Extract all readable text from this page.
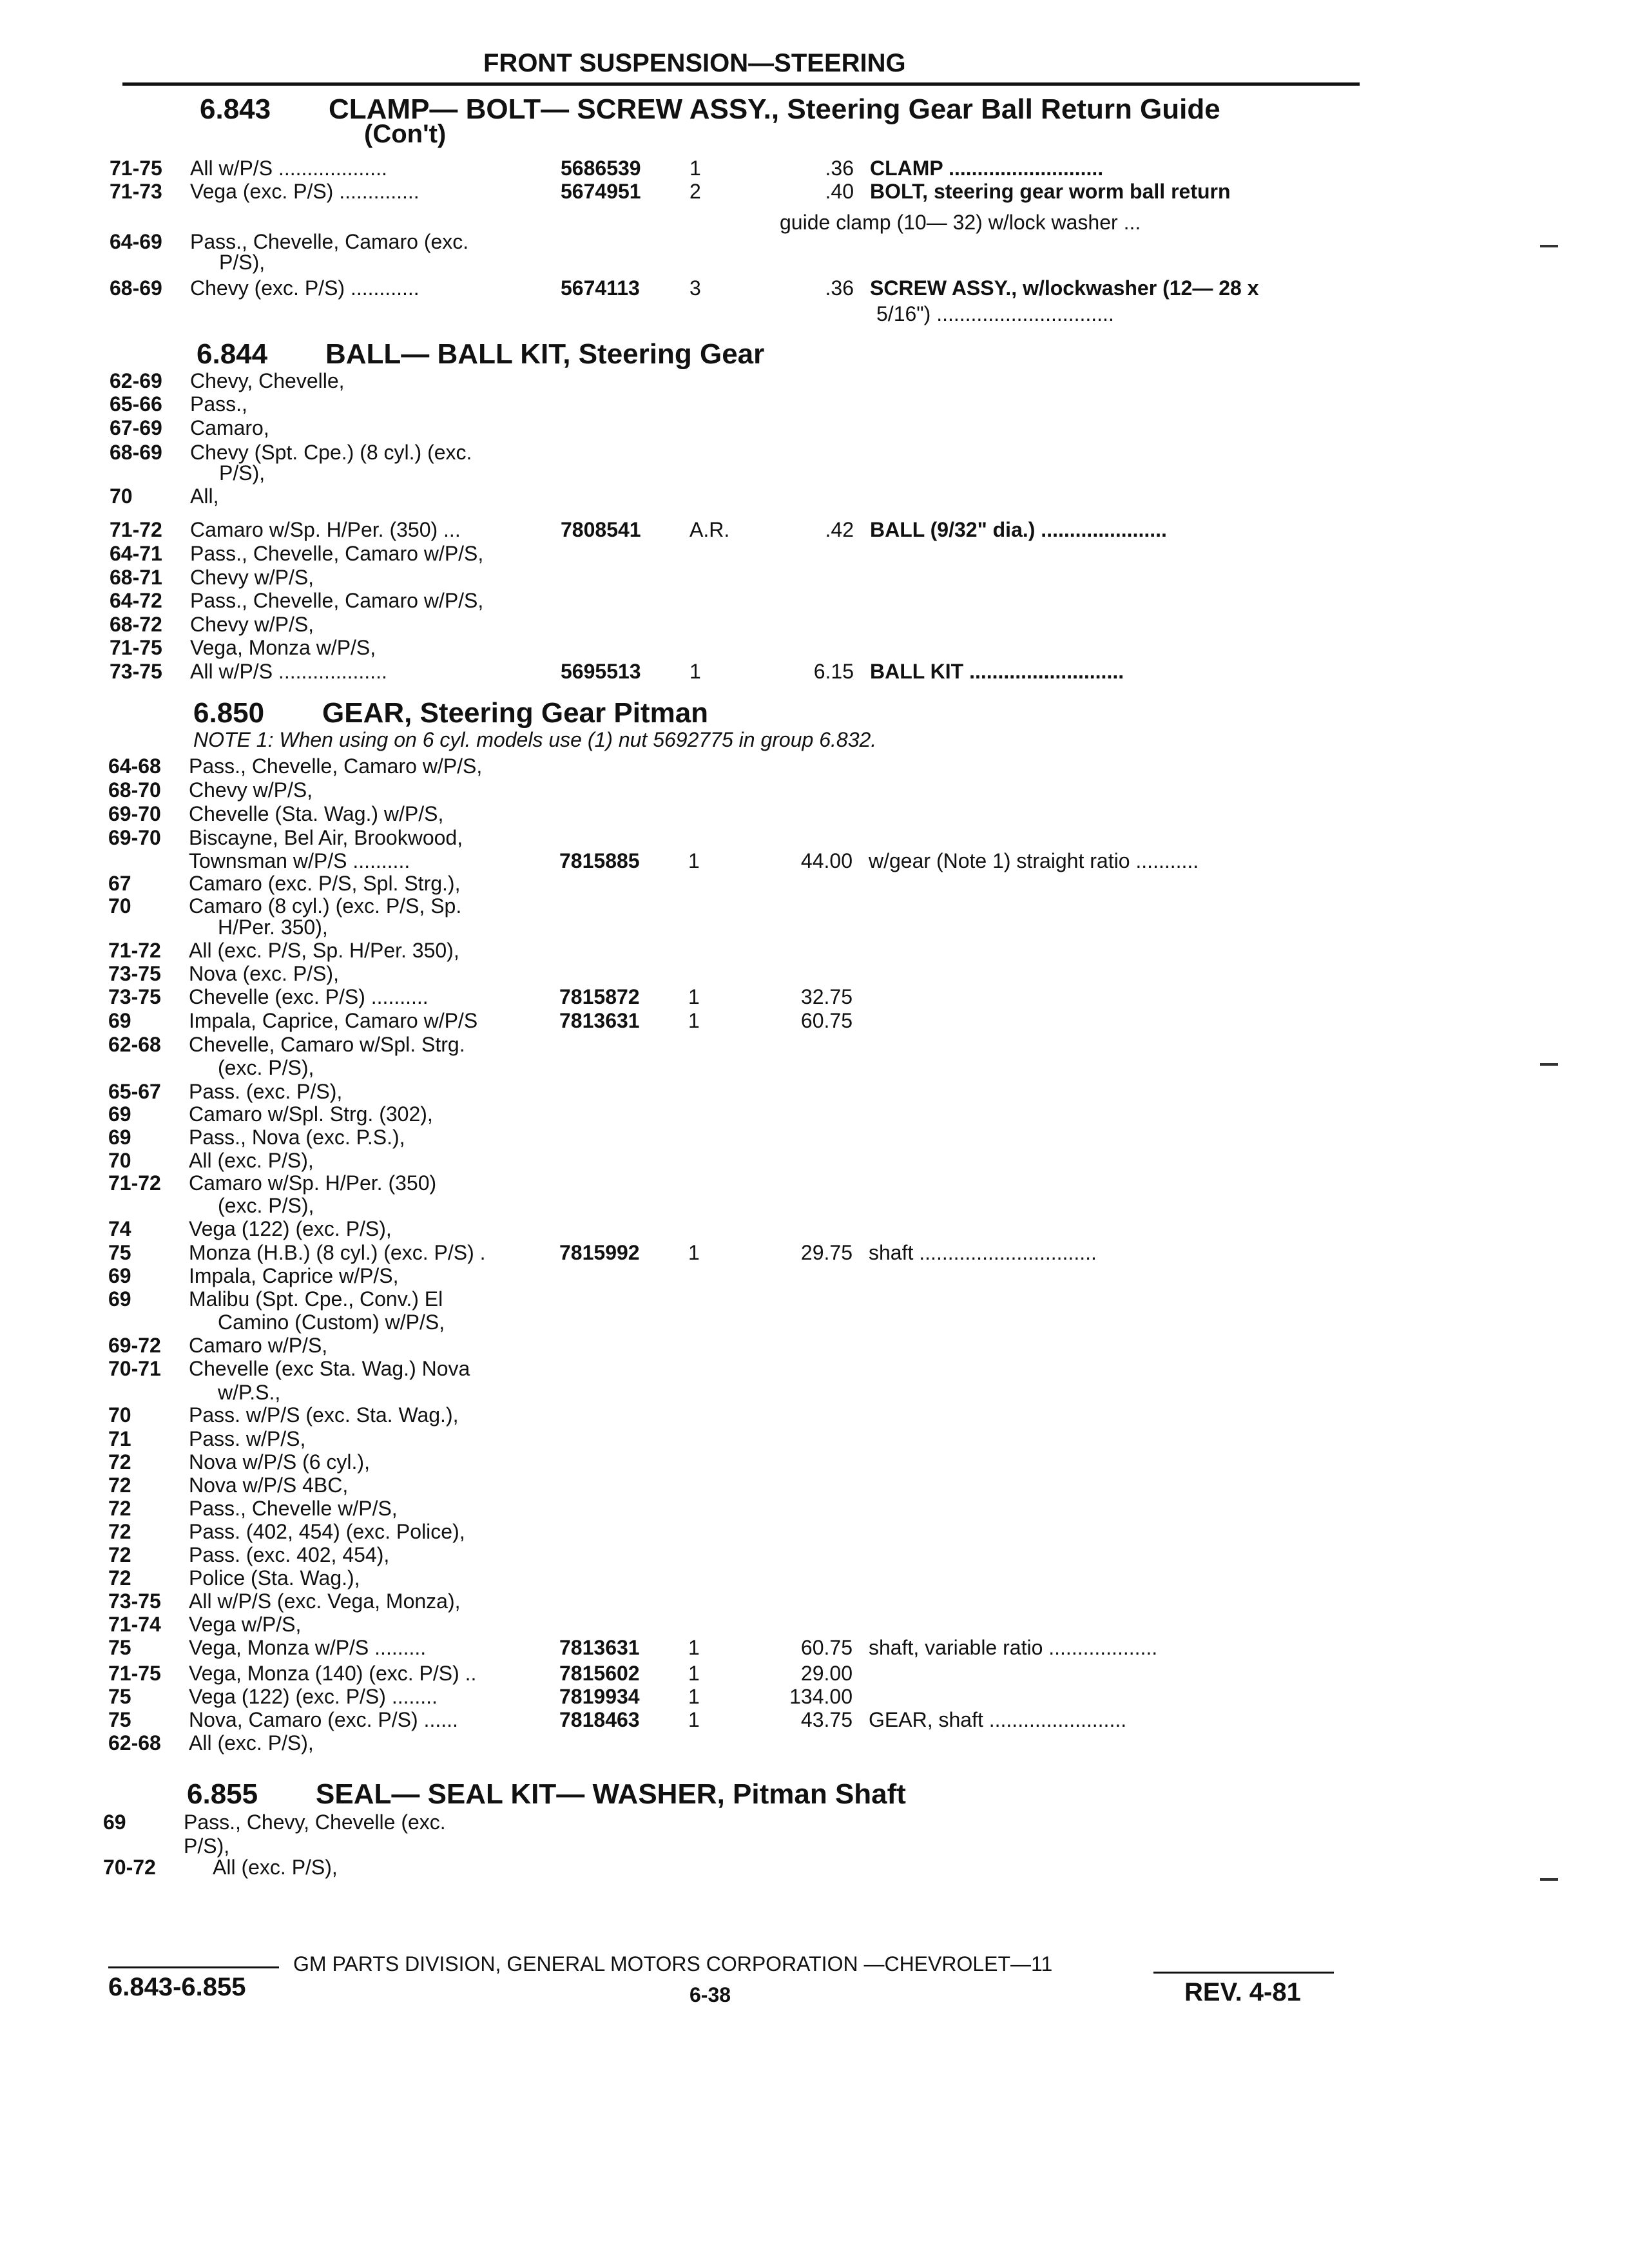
FRONT SUSPENSION—STEERING
6.843 CLAMP— BOLT— SCREW ASSY., Steering Gear Ball Return Guide
(Con't)
6.844 BALL— BALL KIT, Steering Gear
6.850 GEAR, Steering Gear Pitman
NOTE 1: When using on 6 cyl. models use (1) nut 5692775 in group 6.832.
6.855 SEAL— SEAL KIT— WASHER, Pitman Shaft
71-75 All w/P/S ...................	5686539 1	.36 CLAMP ...........................
71-73 Vega (exc. P/S) ..............	5674951 2	.40 BOLT, steering gear worm ball return
guide clamp (10— 32) w/lock washer ...
64-69 Pass., Chevelle, Camaro (exc.
P/S),
68-69 Chevy (exc. P/S) ............	5674113 3	.36 SCREW ASSY., w/lockwasher (12— 28 x
5/16") ...............................
62-69 Chevy, Chevelle,
65-66 Pass.,
67-69 Camaro,
68-69 Chevy (Spt. Cpe.) (8 cyl.) (exc.
P/S),
70	All,
71-72 Camaro w/Sp. H/Per. (350) ...	7808541 A.R.	.42 BALL (9/32" dia.) ......................
64-71 Pass., Chevelle, Camaro w/P/S,
68-71 Chevy w/P/S,
64-72 Pass., Chevelle, Camaro w/P/S,
68-72 Chevy w/P/S,
71-75 Vega, Monza w/P/S,
73-75 All w/P/S ...................	5695513 1	6.15 BALL KIT ...........................
64-68 Pass., Chevelle, Camaro w/P/S,
68-70 Chevy w/P/S,
69-70 Chevelle (Sta. Wag.) w/P/S,
69-70 Biscayne, Bel Air, Brookwood,
Townsman w/P/S ..........	7815885 1	44.00 w/gear (Note 1) straight ratio ...........
67	Camaro (exc. P/S, Spl. Strg.),
70	Camaro (8 cyl.) (exc. P/S, Sp.
H/Per. 350),
71-72 All (exc. P/S, Sp. H/Per. 350),
73-75 Nova (exc. P/S),
73-75 Chevelle (exc. P/S) ..........	7815872 1	32.75
69	Impala, Caprice, Camaro w/P/S	7813631 1	60.75
62-68 Chevelle, Camaro w/Spl. Strg.
(exc. P/S),
65-67 Pass. (exc. P/S),
69	Camaro w/Spl. Strg. (302),
69	Pass., Nova (exc. P.S.),
70	All (exc. P/S),
71-72 Camaro w/Sp. H/Per. (350)
(exc. P/S),
74	Vega (122) (exc. P/S),
75	Monza (H.B.) (8 cyl.) (exc. P/S) .	7815992 1	29.75 shaft ...............................
69	Impala, Caprice w/P/S,
69	Malibu (Spt. Cpe., Conv.) El
Camino (Custom) w/P/S,
69-72 Camaro w/P/S,
70-71 Chevelle (exc Sta. Wag.) Nova
w/P.S.,
70	Pass. w/P/S (exc. Sta. Wag.),
71	Pass. w/P/S,
72	Nova w/P/S (6 cyl.),
72	Nova w/P/S 4BC,
72	Pass., Chevelle w/P/S,
72	Pass. (402, 454) (exc. Police),
72	Pass. (exc. 402, 454),
72	Police (Sta. Wag.),
73-75 All w/P/S (exc. Vega, Monza),
71-74 Vega w/P/S,
75	Vega, Monza w/P/S .........	7813631 1	60.75 shaft, variable ratio ...................
71-75 Vega, Monza (140) (exc. P/S) ..	7815602 1	29.00
75	Vega (122) (exc. P/S) ........	7819934 1	134.00
75	Nova, Camaro (exc. P/S) ......	7818463 1	43.75 GEAR, shaft ........................
62-68 All (exc. P/S),
69	Pass., Chevy, Chevelle (exc.
P/S),
70-72	All (exc. P/S),
GM PARTS DIVISION, GENERAL MOTORS CORPORATION —CHEVROLET—11
6.843-6.855	6-38	REV. 4-81
